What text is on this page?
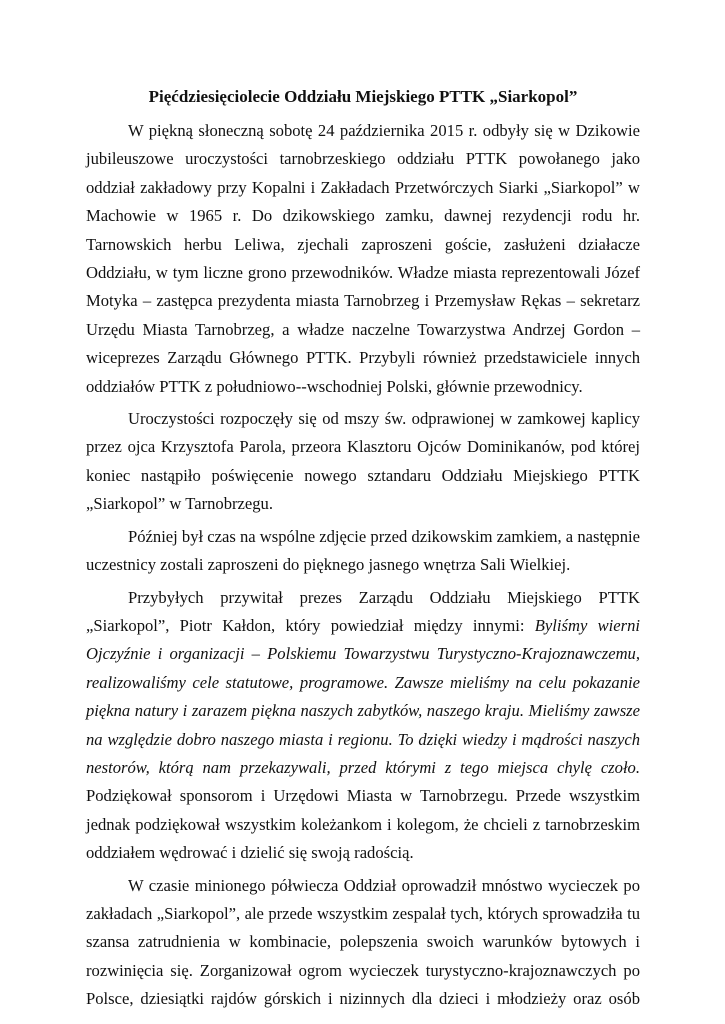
Pięćdziesięciolecie Oddziału Miejskiego PTTK „Siarkopol”

W piękną słoneczną sobotę 24 października 2015 r. odbyły się w Dzikowie jubileuszowe uroczystości tarnobrzeskiego oddziału PTTK powołanego jako oddział zakładowy przy Kopalni i Zakładach Przetwórczych Siarki „Siarkopol” w Machowie w 1965 r. Do dzikowskiego zamku, dawnej rezydencji rodu hr. Tarnowskich herbu Leliwa, zjechali zaproszeni goście, zasłużeni działacze Oddziału, w tym liczne grono przewodników. Władze miasta reprezentowali Józef Motyka – zastępca prezydenta miasta Tarnobrzeg i Przemysław Rękas – sekretarz Urzędu Miasta Tarnobrzeg, a władze naczelne Towarzystwa Andrzej Gordon – wiceprezes Zarządu Głównego PTTK. Przybyli również przedstawiciele innych oddziałów PTTK z południowo-‑wschodniej Polski, głównie przewodnicy.

Uroczystości rozpoczęły się od mszy św. odprawionej w zamkowej kaplicy przez ojca Krzysztofa Parola, przeora Klasztoru Ojców Dominikanów, pod której koniec nastąpiło poświęcenie nowego sztandaru Oddziału Miejskiego PTTK „Siarkopol” w Tarnobrzegu.

Później był czas na wspólne zdjęcie przed dzikowskim zamkiem, a następnie uczestnicy zostali zaproszeni do pięknego jasnego wnętrza Sali Wielkiej.

Przybyłych przywitał prezes Zarządu Oddziału Miejskiego PTTK „Siarkopol”, Piotr Kałdon, który powiedział między innymi: Byliśmy wierni Ojczyźnie i organizacji – Polskiemu Towarzystwu Turystyczno-Krajoznawczemu, realizowaliśmy cele statutowe, programowe. Zawsze mieliśmy na celu pokazanie piękna natury i zarazem piękna naszych zabytków, naszego kraju. Mieliśmy zawsze na względzie dobro naszego miasta i regionu. To dzięki wiedzy i mądrości naszych nestorów, którą nam przekazywali, przed którymi z tego miejsca chylę czoło. Podziękował sponsorom i Urzędowi Miasta w Tarnobrzegu. Przede wszystkim jednak podziękował wszystkim koleżankom i kolegom, że chcieli z tarnobrzeskim oddziałem wędrować i dzielić się swoją radością.

W czasie minionego półwiecza Oddział oprowadził mnóstwo wycieczek po zakładach „Siarkopol”, ale przede wszystkim zespalał tych, których sprowadziła tu szansa zatrudnienia w kombinacie, polepszenia swoich warunków bytowych i rozwinięcia się. Zorganizował ogrom wycieczek turystyczno-krajoznawczych po Polsce, dziesiątki rajdów górskich i nizinnych dla dzieci i młodzieży oraz osób
